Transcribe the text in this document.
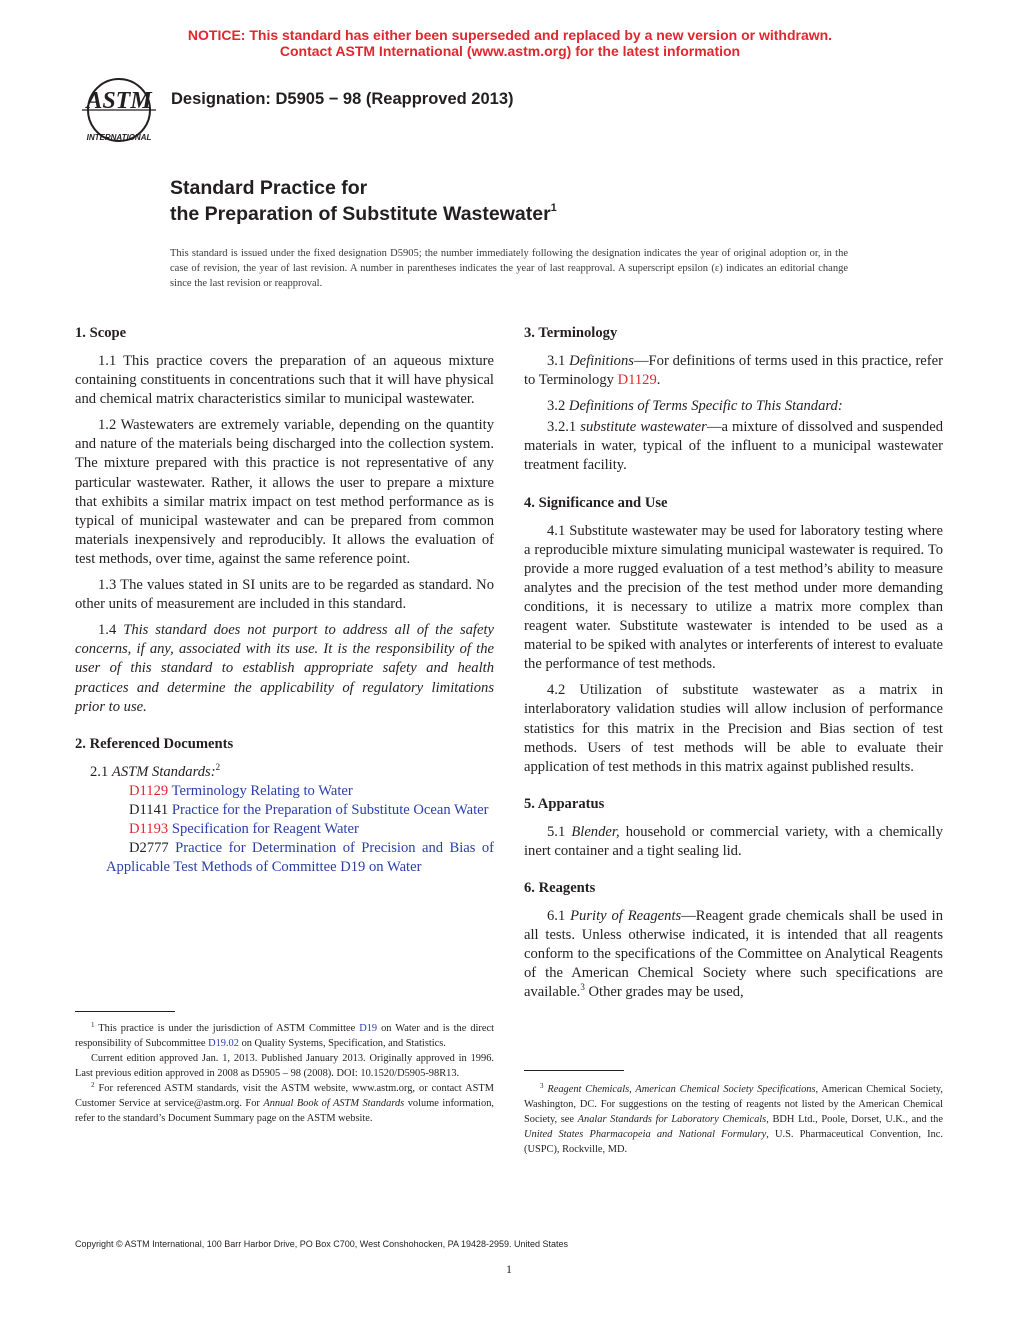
NOTICE: This standard has either been superseded and replaced by a new version or withdrawn.
Contact ASTM International (www.astm.org) for the latest information
ASTM
INTERNATIONAL
Designation: D5905 − 98 (Reapproved 2013)
Standard Practice for
the Preparation of Substitute Wastewater$^1$
This standard is issued under the fixed designation D5905; the number immediately following the designation indicates the year of original adoption or, in the case of revision, the year of last revision. A number in parentheses indicates the year of last reapproval. A superscript epsilon (ε) indicates an editorial change since the last revision or reapproval.
1. Scope

1.1 This practice covers the preparation of an aqueous mixture containing constituents in concentrations such that it will have physical and chemical matrix characteristics similar to municipal wastewater.

1.2 Wastewaters are extremely variable, depending on the quantity and nature of the materials being discharged into the collection system. The mixture prepared with this practice is not representative of any particular wastewater. Rather, it allows the user to prepare a mixture that exhibits a similar matrix impact on test method performance as is typical of municipal wastewater and can be prepared from common materials inexpensively and reproducibly. It allows the evaluation of test methods, over time, against the same reference point.

1.3 The values stated in SI units are to be regarded as standard. No other units of measurement are included in this standard.

1.4 This standard does not purport to address all of the safety concerns, if any, associated with its use. It is the responsibility of the user of this standard to establish appropriate safety and health practices and determine the applicability of regulatory limitations prior to use.

2. Referenced Documents

2.1 ASTM Standards:$^2$

D1129 Terminology Relating to Water

D1141 Practice for the Preparation of Substitute Ocean Water

D1193 Specification for Reagent Water

D2777 Practice for Determination of Precision and Bias of Applicable Test Methods of Committee D19 on Water

3. Terminology

3.1 Definitions—For definitions of terms used in this practice, refer to Terminology D1129.

3.2 Definitions of Terms Specific to This Standard:

3.2.1 substitute wastewater—a mixture of dissolved and suspended materials in water, typical of the influent to a municipal wastewater treatment facility.

4. Significance and Use

4.1 Substitute wastewater may be used for laboratory testing where a reproducible mixture simulating municipal wastewater is required. To provide a more rugged evaluation of a test method’s ability to measure analytes and the precision of the test method under more demanding conditions, it is necessary to utilize a matrix more complex than reagent water. Substitute wastewater is intended to be used as a material to be spiked with analytes or interferents of interest to evaluate the performance of test methods.

4.2 Utilization of substitute wastewater as a matrix in interlaboratory validation studies will allow inclusion of performance statistics for this matrix in the Precision and Bias section of test methods. Users of test methods will be able to evaluate their application of test methods in this matrix against published results.

5. Apparatus

5.1 Blender, household or commercial variety, with a chemically inert container and a tight sealing lid.

6. Reagents

6.1 Purity of Reagents—Reagent grade chemicals shall be used in all tests. Unless otherwise indicated, it is intended that all reagents conform to the specifications of the Committee on Analytical Reagents of the American Chemical Society where such specifications are available.$^3$ Other grades may be used,

$^1$ This practice is under the jurisdiction of ASTM Committee D19 on Water and is the direct responsibility of Subcommittee D19.02 on Quality Systems, Specification, and Statistics.

Current edition approved Jan. 1, 2013. Published January 2013. Originally approved in 1996. Last previous edition approved in 2008 as D5905 – 98 (2008). DOI: 10.1520/D5905-98R13.

$^2$ For referenced ASTM standards, visit the ASTM website, www.astm.org, or contact ASTM Customer Service at service@astm.org. For Annual Book of ASTM Standards volume information, refer to the standard’s Document Summary page on the ASTM website.

$^3$ Reagent Chemicals, American Chemical Society Specifications, American Chemical Society, Washington, DC. For suggestions on the testing of reagents not listed by the American Chemical Society, see Analar Standards for Laboratory Chemicals, BDH Ltd., Poole, Dorset, U.K., and the United States Pharmacopeia and National Formulary, U.S. Pharmaceutical Convention, Inc. (USPC), Rockville, MD.

Copyright © ASTM International, 100 Barr Harbor Drive, PO Box C700, West Conshohocken, PA 19428-2959. United States
1
